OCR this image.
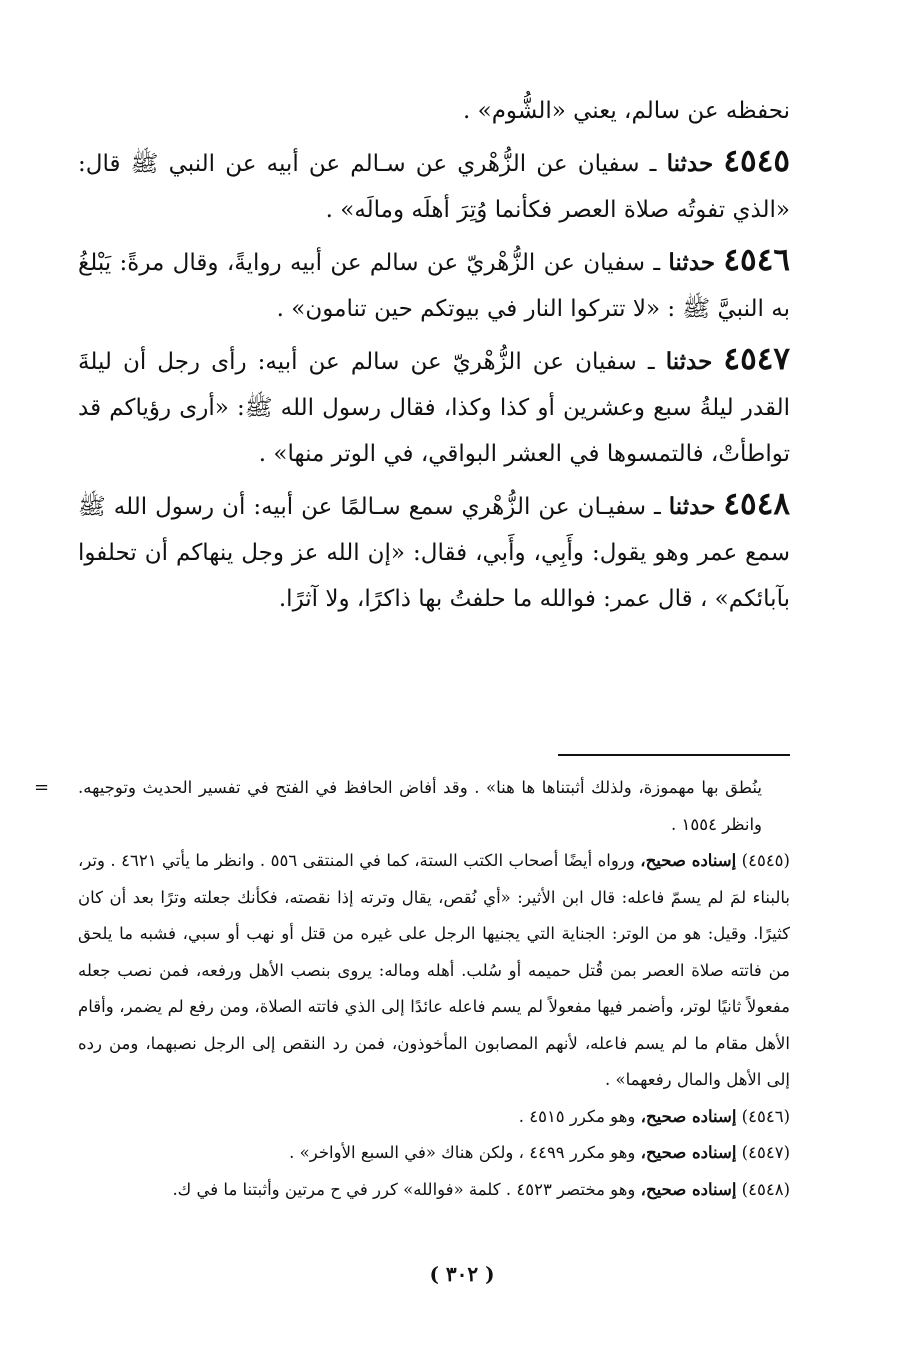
نحفظه عن سالم، يعني «الشُّوم» .

٤٥٤٥ حدثنا ـ سفيان عن الزُّهْري عن سـالم عن أبيه عن النبي ﷺ قال: «الذي تفوتُه صلاة العصر فكأنما وُتِرَ أهلَه ومالَه» .

٤٥٤٦ حدثنا ـ سفيان عن الزُّهْريّ عن سالم عن أبيه روايةً، وقال مرةً: يَبْلغُ به النبيَّ ﷺ : «لا تتركوا النار في بيوتكم حين تنامون» .

٤٥٤٧ حدثنا ـ سفيان عن الزُّهْريّ عن سالم عن أبيه: رأى رجل أن ليلةَ القدر ليلةُ سبع وعشرين أو كذا وكذا، فقال رسول الله ﷺ: «أرى رؤياكم قد تواطأتْ، فالتمسوها في العشر البواقي، في الوتر منها» .

٤٥٤٨ حدثنا ـ سفيـان عن الزُّهْري سمع سـالمًا عن أبيه: أن رسول الله ﷺ سمع عمر وهو يقول: وأَبِي، وأَبي، فقال: «إن الله عز وجل ينهاكم أن تحلفوا بآبائكم» ، قال عمر: فوالله ما حلفتُ بها ذاكرًا، ولا آثرًا.

= ينُطق بها مهموزة، ولذلك أثبتناها ها هنا» . وقد أفاض الحافظ في الفتح في تفسير الحديث وتوجيهه. وانظر ١٥٥٤ .

(٤٥٤٥) إسناده صحيح، ورواه أيضًا أصحاب الكتب الستة، كما في المنتقى ٥٥٦ . وانظر ما يأتي ٤٦٢١ . وتر، بالبناء لمَ لم يسمّ فاعله: قال ابن الأثير: «أي نُقص، يقال وترته إذا نقصته، فكأنك جعلته وترًا بعد أن كان كثيرًا. وقيل: هو من الوتر: الجناية التي يجنيها الرجل على غيره من قتل أو نهب أو سبي، فشبه ما يلحق من فاتته صلاة العصر بمن قُتل حميمه أو سُلب. أهله وماله: يروى بنصب الأهل ورفعه، فمن نصب جعله مفعولاً ثانيًا لوتر، وأضمر فيها مفعولاً لم يسم فاعله عائدًا إلى الذي فاتته الصلاة، ومن رفع لم يضمر، وأقام الأهل مقام ما لم يسم فاعله، لأنهم المصابون المأخوذون، فمن رد النقص إلى الرجل نصبهما، ومن رده إلى الأهل والمال رفعهما» .

(٤٥٤٦) إسناده صحيح، وهو مكرر ٤٥١٥ .

(٤٥٤٧) إسناده صحيح، وهو مكرر ٤٤٩٩ ، ولكن هناك «في السبع الأواخر» .

(٤٥٤٨) إسناده صحيح، وهو مختصر ٤٥٢٣ . كلمة «فوالله» كرر في ح مرتين وأثبتنا ما في ك.

( ٣٠٢ )
